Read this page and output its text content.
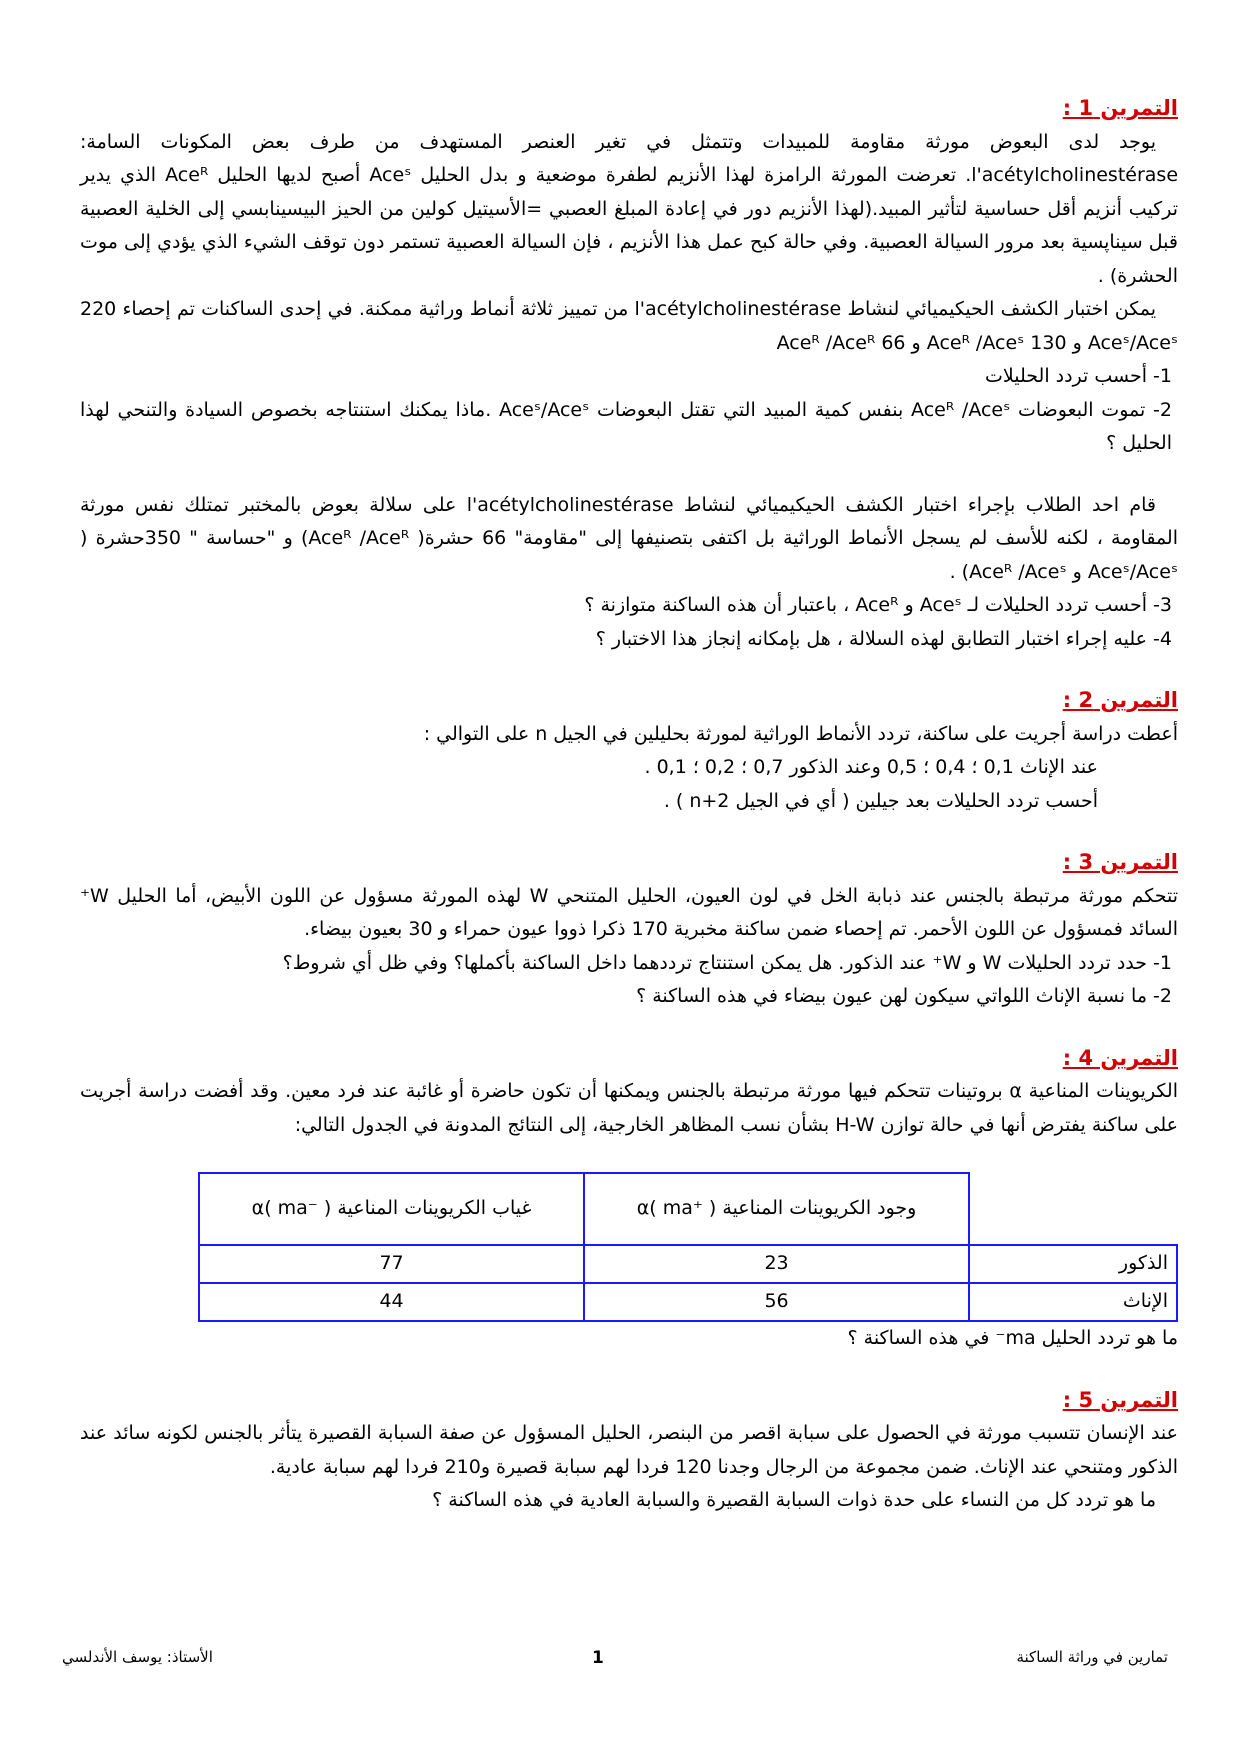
التمرين 1 :

يوجد لدى البعوض مورثة مقاومة للمبيدات وتتمثل في تغير العنصر المستهدف من طرف بعض المكونات السامة: l'acétylcholinestérase. تعرضت المورثة الرامزة لهذا الأنزيم لطفرة موضعية و بدل الحليل Aceˢ أصبح لديها الحليل Aceᴿ الذي يدير تركيب أنزيم أقل حساسية لتأثير المبيد.(لهذا الأنزيم دور في إعادة المبلغ العصبي =الأسيتيل كولين من الحيز البيسينابسي إلى الخلية العصبية قبل سيناپسية بعد مرور السيالة العصبية. وفي حالة كبح عمل هذا الأنزيم ، فإن السيالة العصبية تستمر دون توقف الشيء الذي يؤدي إلى موت الحشرة) .

يمكن اختبار الكشف الحيكيميائي لنشاط l'acétylcholinestérase من تمييز ثلاثة أنماط وراثية ممكنة. في إحدى الساكنات تم إحصاء 220 Aceˢ/Aceˢ و 130 Aceᴿ /Aceˢ و 66 Aceᴿ /Aceᴿ

1- أحسب تردد الحليلات

2- تموت البعوضات Aceᴿ /Aceˢ بنفس كمية المبيد التي تقتل البعوضات Aceˢ/Aceˢ .ماذا يمكنك استنتاجه بخصوص السيادة والتنحي لهذا الحليل ؟

قام احد الطلاب بإجراء اختبار الكشف الحيكيميائي لنشاط l'acétylcholinestérase على سلالة بعوض بالمختبر تمتلك نفس مورثة المقاومة ، لكنه للأسف لم يسجل الأنماط الوراثية بل اكتفى بتصنيفها إلى "مقاومة" 66 حشرة( Aceᴿ /Aceᴿ) و "حساسة " 350حشرة ( Aceˢ/Aceˢ و Aceᴿ /Aceˢ) .

3- أحسب تردد الحليلات لـ Aceˢ و Aceᴿ ، باعتبار أن هذه الساكنة متوازنة ؟

4- عليه إجراء اختبار التطابق لهذه السلالة ، هل بإمكانه إنجاز هذا الاختبار ؟

التمرين 2 :

أعطت دراسة أجريت على ساكنة، تردد الأنماط الوراثية لمورثة بحليلين في الجيل n على التوالي :

عند الإناث 0,1 ؛ 0,4 ؛ 0,5 وعند الذكور 0,7 ؛ 0,2 ؛ 0,1 .

أحسب تردد الحليلات بعد جيلين ( أي في الجيل n+2 ) .

التمرين 3 :

تتحكم مورثة مرتبطة بالجنس عند ذبابة الخل في لون العيون، الحليل المتنحي W لهذه المورثة مسؤول عن اللون الأبيض، أما الحليل W⁺ السائد فمسؤول عن اللون الأحمر. تم إحصاء ضمن ساكنة مخبرية 170 ذكرا ذووا عيون حمراء و 30 بعيون بيضاء.

1- حدد تردد الحليلات W و W⁺ عند الذكور. هل يمكن استنتاج ترددهما داخل الساكنة بأكملها؟ وفي ظل أي شروط؟

2- ما نسبة الإناث اللواتي سيكون لهن عيون بيضاء في هذه الساكنة ؟

التمرين 4 :

الكريوينات المناعية α بروتينات تتحكم فيها مورثة مرتبطة بالجنس ويمكنها أن تكون حاضرة أو غائبة عند فرد معين. وقد أفضت دراسة أجريت على ساكنة يفترض أنها في حالة توازن H-W بشأن نسب المظاهر الخارجية، إلى النتائج المدونة في الجدول التالي:

	وجود الكريوينات المناعية α( ma⁺ )	غياب الكريوينات المناعية α( ma⁻ )
الذكور	23	77
الإناث	56	44

ما هو تردد الحليل ma⁻ في هذه الساكنة ؟

التمرين 5 :

عند الإنسان تتسبب مورثة في الحصول على سبابة اقصر من البنصر، الحليل المسؤول عن صفة السبابة القصيرة يتأثر بالجنس لكونه سائد عند الذكور ومتنحي عند الإناث. ضمن مجموعة من الرجال وجدنا 120 فردا لهم سبابة قصيرة و210 فردا لهم سبابة عادية.

ما هو تردد كل من النساء على حدة ذوات السبابة القصيرة والسبابة العادية في هذه الساكنة ؟

الأستاذ: يوسف الأندلسي	1	تمارين في وراثة الساكنة
